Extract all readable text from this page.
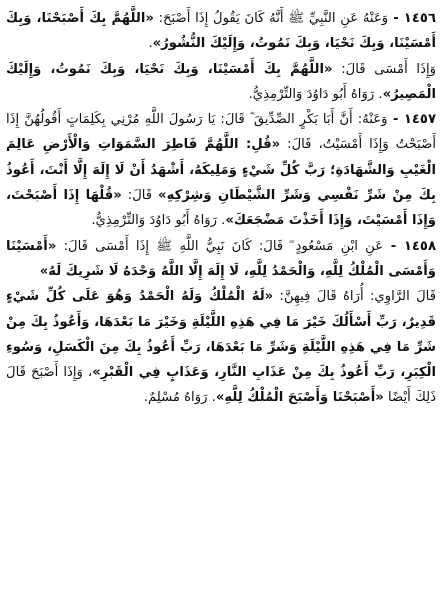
١٤٥٦ - وَعَنْهُ عَنِ النَّبِيِّ ﷺ أَنَّهُ كَانَ يَقُولُ إِذَا أَصْبَحَ: «اللَّهُمَّ بِكَ أَصْبَحْنَا، وَبِكَ أَمْسَيْنَا، وَبِكَ نَحْيَا، وَبِكَ نَمُوتُ، وَإِلَيْكَ النُّشُورُ».

وَإِذَا أَمْسَى قَالَ: «اللَّهُمَّ بِكَ أَمْسَيْنَا، وَبِكَ نَحْيَا، وَبِكَ نَمُوتُ، وَإِلَيْكَ الْمَصِيرُ». رَوَاهُ أَبُو دَاوُدَ وَالتِّرْمِذِيُّ.

١٤٥٧ - وَعَنْهُ: أَنَّ أَبَا بَكْرٍ الصِّدِّيقَ ؓ قَالَ: يَا رَسُولَ اللَّهِ مُرْنِي بِكَلِمَاتٍ أَقُولُهُنَّ إِذَا أَصْبَحْتُ وَإِذَا أَمْسَيْتُ، قَالَ: «قُلِ: اللَّهُمَّ فَاطِرَ السَّمَوَاتِ وَالْأَرْضِ عَالِمَ الْغَيْبِ وَالشَّهَادَةِ؛ رَبَّ كُلِّ شَيْءٍ وَمَلِيكَهُ، أَشْهَدُ أَنْ لَا إِلَهَ إِلَّا أَنْتَ، أَعُوذُ بِكَ مِنْ شَرِّ نَفْسِي وَشَرِّ الشَّيْطَانِ وَشِرْكِهِ» قَالَ: «قُلْهَا إِذَا أَصْبَحْتَ، وَإِذَا أَمْسَيْتَ، وَإِذَا أَخَذْتَ مَضْجَعَكَ». رَوَاهُ أَبُو دَاوُدَ وَالتِّرْمِذِيُّ.

١٤٥٨ - عَنِ ابْنِ مَسْعُودٍ ؓ قَالَ: كَانَ نَبِيُّ اللَّهِ ﷺ إِذَا أَمْسَى قَالَ: «أَمْسَيْنَا وَأَمْسَى الْمُلْكُ لِلَّهِ، وَالْحَمْدُ لِلَّهِ، لَا إِلَهَ إِلَّا اللَّهُ وَحْدَهُ لَا شَرِيكَ لَهُ»

قَالَ الرَّاوِي: أُرَاهُ قَالَ فِيهِنَّ: «لَهُ الْمُلْكُ وَلَهُ الْحَمْدُ وَهُوَ عَلَى كُلِّ شَيْءٍ قَدِيرٌ، رَبِّ أَسْأَلُكَ خَيْرَ مَا فِي هَذِهِ اللَّيْلَةِ وَخَيْرَ مَا بَعْدَهَا، وَأَعُوذُ بِكَ مِنْ شَرِّ مَا فِي هَذِهِ اللَّيْلَةِ وَشَرِّ مَا بَعْدَهَا، رَبِّ أَعُوذُ بِكَ مِنَ الْكَسَلِ، وَسُوءِ الْكِبَرِ، رَبِّ أَعُوذُ بِكَ مِنْ عَذَابِ النَّارِ، وَعَذَابٍ فِي الْقَبْرِ»، وَإِذَا أَصْبَحَ قَالَ ذَلِكَ أَيْضًا «أَصْبَحْنَا وَأَصْبَحَ الْمُلْكُ لِلَّهِ». رَوَاهُ مُسْلِمٌ.
